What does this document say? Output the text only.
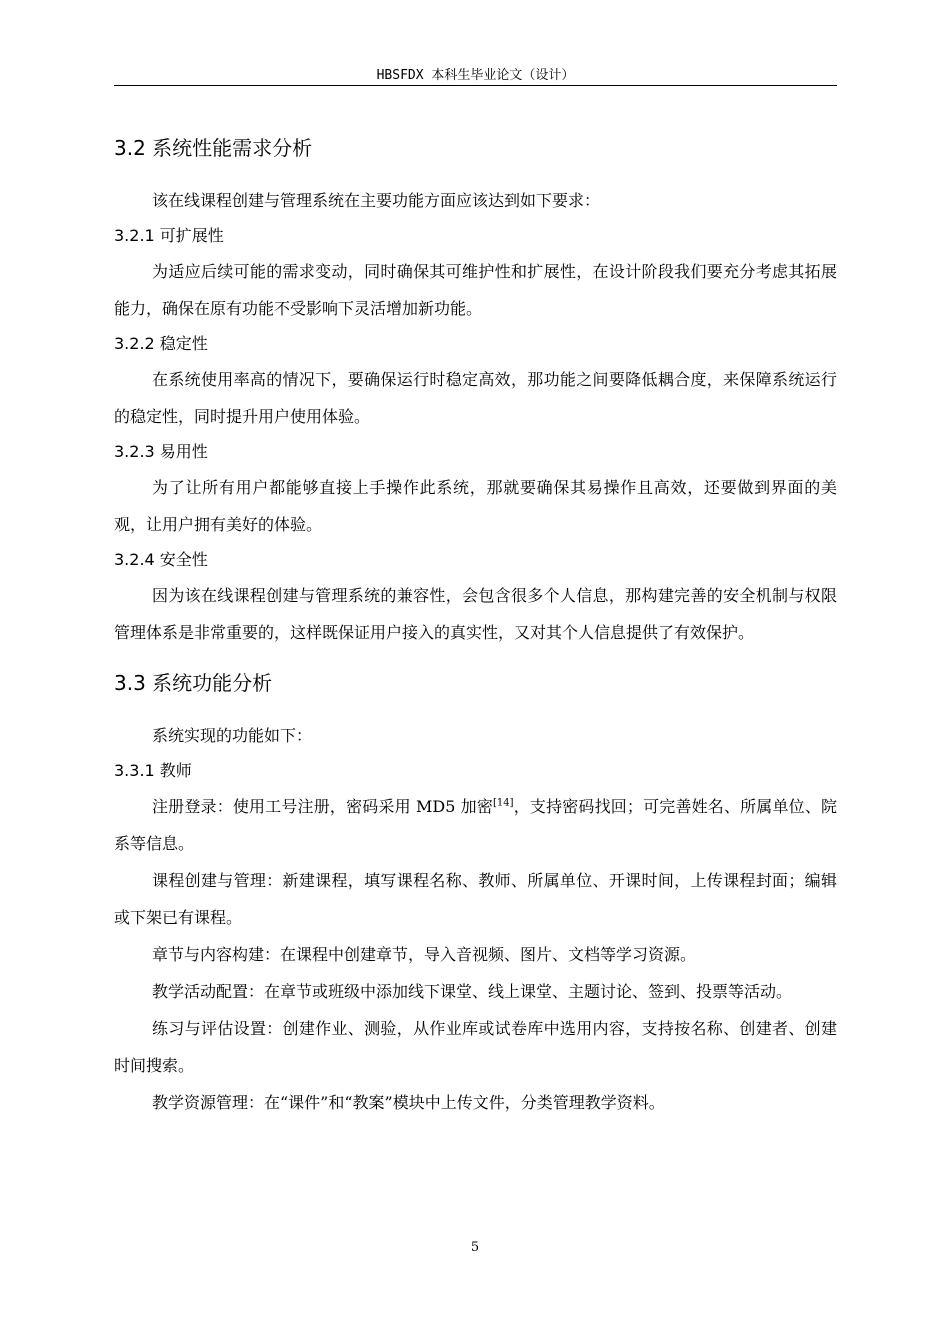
HBSFDX 本科生毕业论文（设计）
3.2 系统性能需求分析

该在线课程创建与管理系统在主要功能方面应该达到如下要求：

3.2.1 可扩展性

为适应后续可能的需求变动，同时确保其可维护性和扩展性，在设计阶段我们要充分考虑其拓展能力，确保在原有功能不受影响下灵活增加新功能。

3.2.2 稳定性

在系统使用率高的情况下，要确保运行时稳定高效，那功能之间要降低耦合度，来保障系统运行的稳定性，同时提升用户使用体验。

3.2.3 易用性

为了让所有用户都能够直接上手操作此系统，那就要确保其易操作且高效，还要做到界面的美观，让用户拥有美好的体验。

3.2.4 安全性

因为该在线课程创建与管理系统的兼容性，会包含很多个人信息，那构建完善的安全机制与权限管理体系是非常重要的，这样既保证用户接入的真实性，又对其个人信息提供了有效保护。

3.3 系统功能分析

系统实现的功能如下：

3.3.1 教师

注册登录：使用工号注册，密码采用 MD5 加密[14]，支持密码找回；可完善姓名、所属单位、院系等信息。

课程创建与管理：新建课程，填写课程名称、教师、所属单位、开课时间，上传课程封面；编辑或下架已有课程。

章节与内容构建：在课程中创建章节，导入音视频、图片、文档等学习资源。

教学活动配置：在章节或班级中添加线下课堂、线上课堂、主题讨论、签到、投票等活动。

练习与评估设置：创建作业、测验，从作业库或试卷库中选用内容，支持按名称、创建者、创建时间搜索。

教学资源管理：在“课件”和“教案”模块中上传文件，分类管理教学资料。

5
